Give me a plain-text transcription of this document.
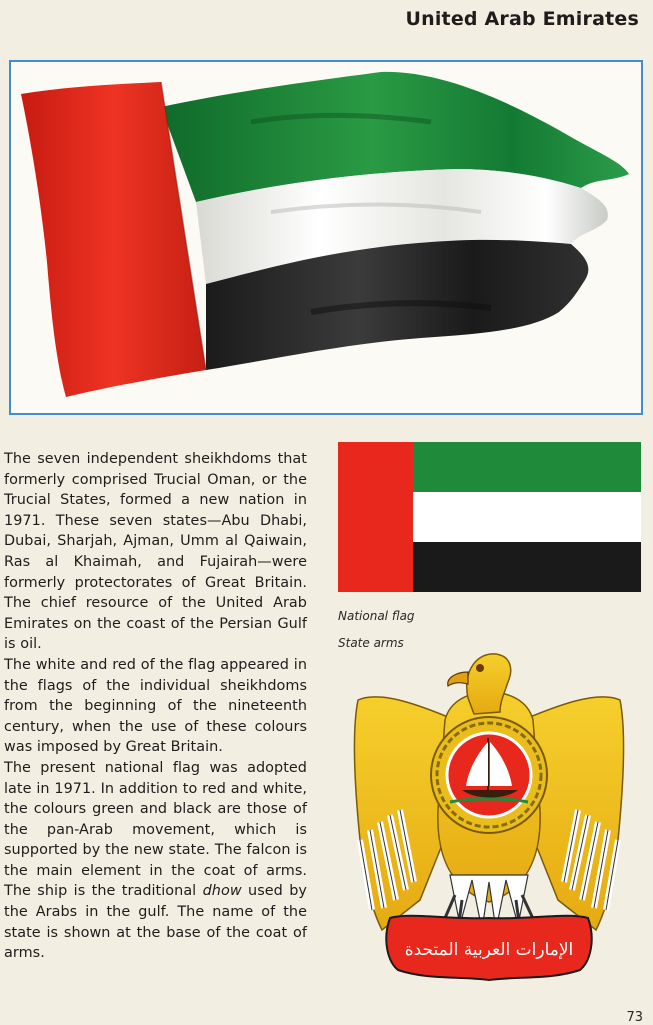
United Arab Emirates

The seven independent sheikhdoms that formerly comprised Trucial Oman, or the Trucial States, formed a new nation in 1971. These seven states—Abu Dhabi, Dubai, Sharjah, Ajman, Umm al Qaiwain, Ras al Khaimah, and Fujairah—were formerly protectorates of Great Britain. The chief resource of the United Arab Emirates on the coast of the Persian Gulf is oil.

The white and red of the flag appeared in the flags of the individual sheikhdoms from the beginning of the nineteenth century, when the use of these colours was imposed by Great Britain.

The present national flag was adopted late in 1971. In addition to red and white, the colours green and black are those of the pan-Arab movement, which is supported by the new state. The falcon is the main element in the coat of arms. The ship is the traditional dhow used by the Arabs in the gulf. The name of the state is shown at the base of the coat of arms.

National flag
State arms
الإمارات العربية المتحدة
73
